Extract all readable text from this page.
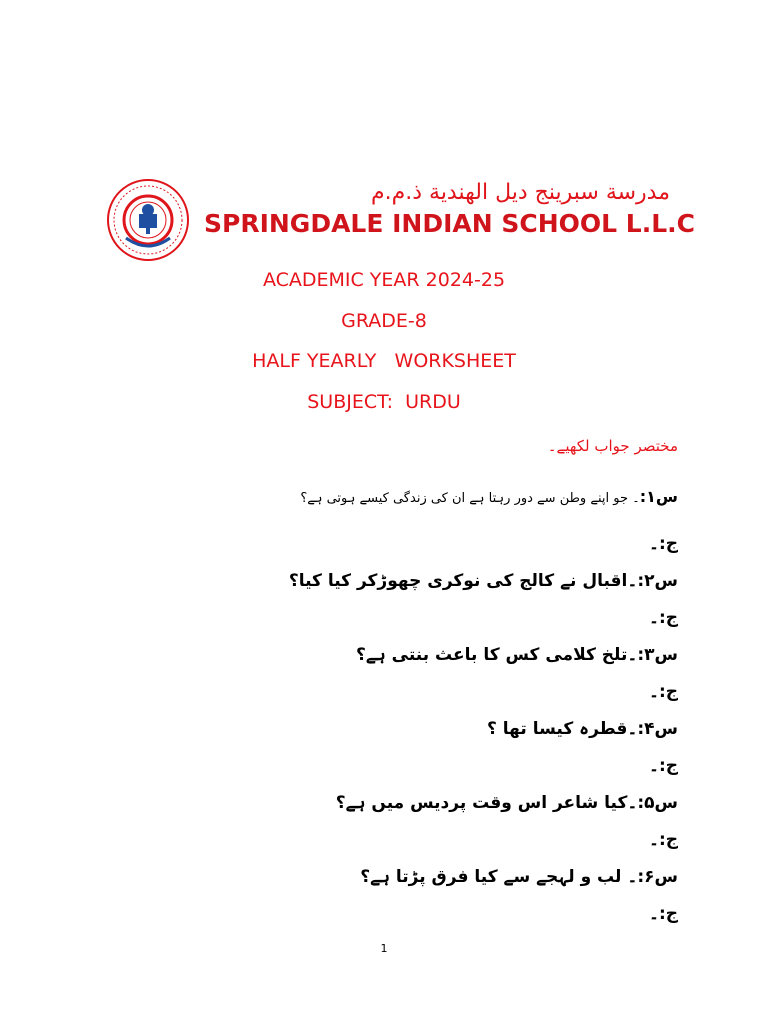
مدرسة سبرينج ديل الهندية ذ.م.م
SPRINGDALE INDIAN SCHOOL L.L.C
ACADEMIC YEAR 2024-25
GRADE-8
HALF YEARLY   WORKSHEET
SUBJECT:  URDU
مختصر جواب لکھیے۔
س۱:۔ جو اپنے وطن سے دور رہتا ہے ان کی زندگی کیسے ہوتی ہے؟
ج:۔
س۲:۔اقبال نے کالج کی نوکری چھوڑکر کیا کیا؟
ج:۔
س۳:۔تلخ کلامی کس کا باعث بنتی ہے؟
ج:۔
س۴:۔قطرہ کیسا تھا ؟
ج:۔
س۵:۔کیا شاعر اس وقت پردیس میں ہے؟
ج:۔
س۶:۔ لب و لہجے سے کیا فرق پڑتا ہے؟
ج:۔
1
